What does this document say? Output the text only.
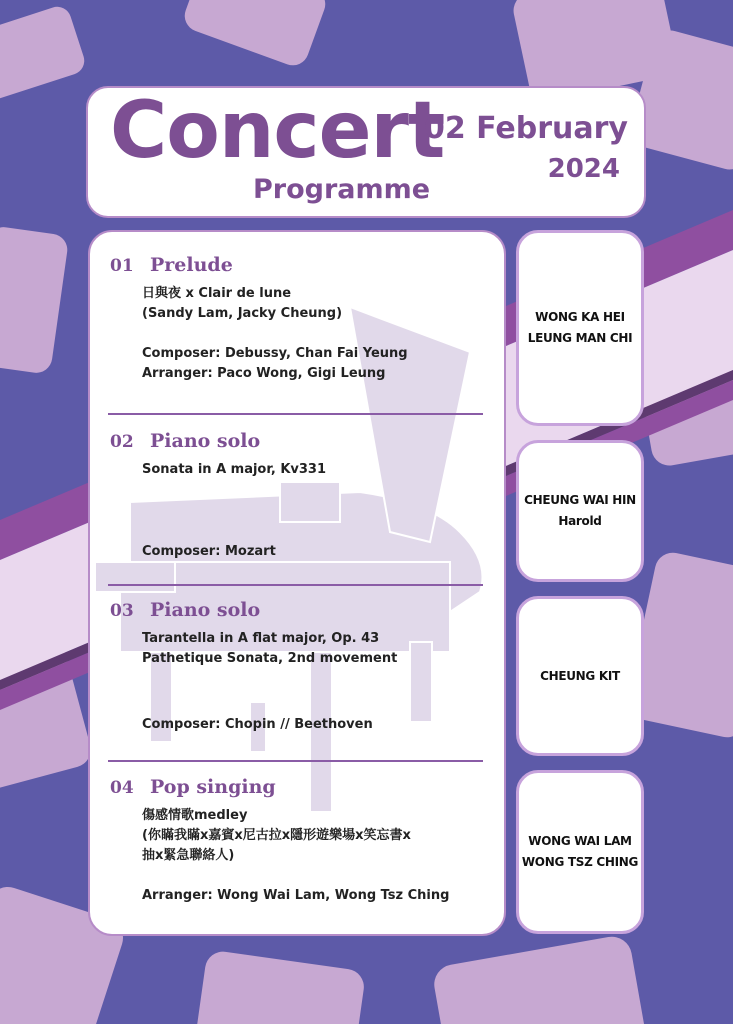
Concert
Programme
02 February
2024
01 Prelude
日與夜 x Clair de lune
(Sandy Lam, Jacky Cheung)
Composer: Debussy, Chan Fai Yeung
Arranger: Paco Wong, Gigi Leung
02 Piano solo
Sonata in A major, Kv331
Composer: Mozart
03 Piano solo
Tarantella in A flat major, Op. 43
Pathetique Sonata, 2nd movement
Composer: Chopin // Beethoven
04 Pop singing
傷感情歌medley
(你瞞我瞞x嘉賓x尼古拉x隱形遊樂場x笑忘書x
抽x緊急聯絡人)
Arranger: Wong Wai Lam, Wong Tsz Ching
WONG KA HEI
LEUNG MAN CHI
CHEUNG WAI HIN
Harold
CHEUNG KIT
WONG WAI LAM
WONG TSZ CHING
